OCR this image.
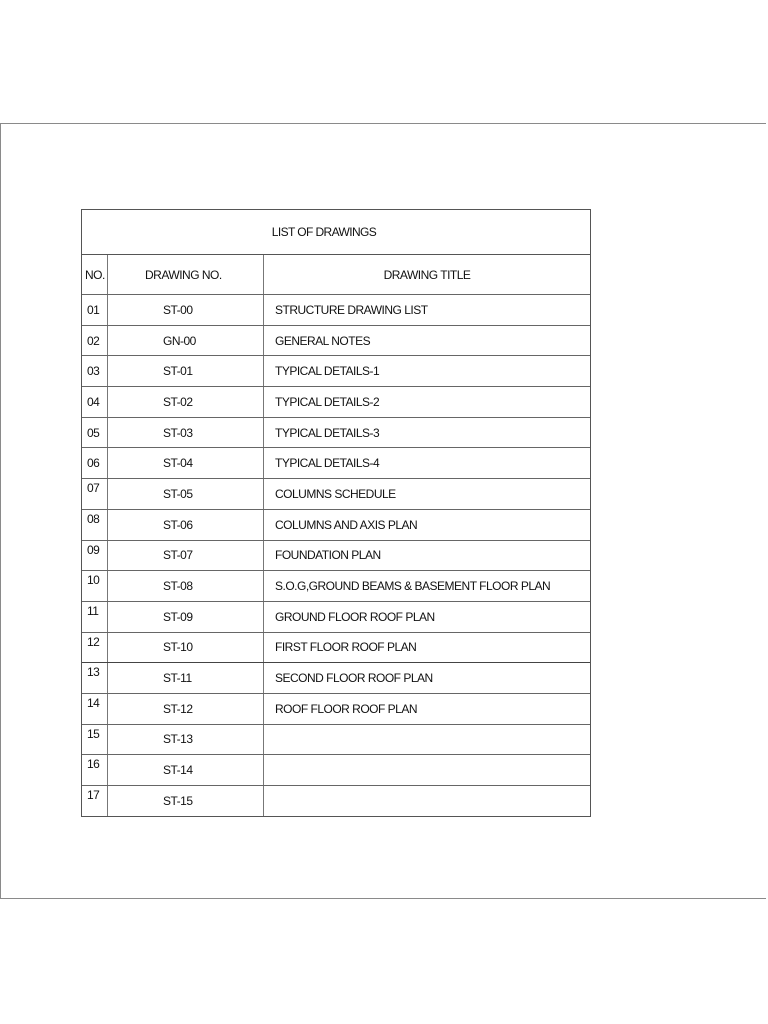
LIST OF DRAWINGS
NO.	DRAWING NO.	DRAWING TITLE
01	ST-00	STRUCTURE DRAWING LIST
02	GN-00	GENERAL NOTES
03	ST-01	TYPICAL DETAILS-1
04	ST-02	TYPICAL DETAILS-2
05	ST-03	TYPICAL DETAILS-3
06	ST-04	TYPICAL DETAILS-4
07	ST-05	COLUMNS SCHEDULE
08	ST-06	COLUMNS AND AXIS PLAN
09	ST-07	FOUNDATION PLAN
10	ST-08	S.O.G,GROUND BEAMS & BASEMENT FLOOR PLAN
11	ST-09	GROUND FLOOR ROOF PLAN
12	ST-10	FIRST FLOOR ROOF PLAN
13	ST-11	SECOND FLOOR ROOF PLAN
14	ST-12	ROOF FLOOR ROOF PLAN
15	ST-13
16	ST-14
17	ST-15
